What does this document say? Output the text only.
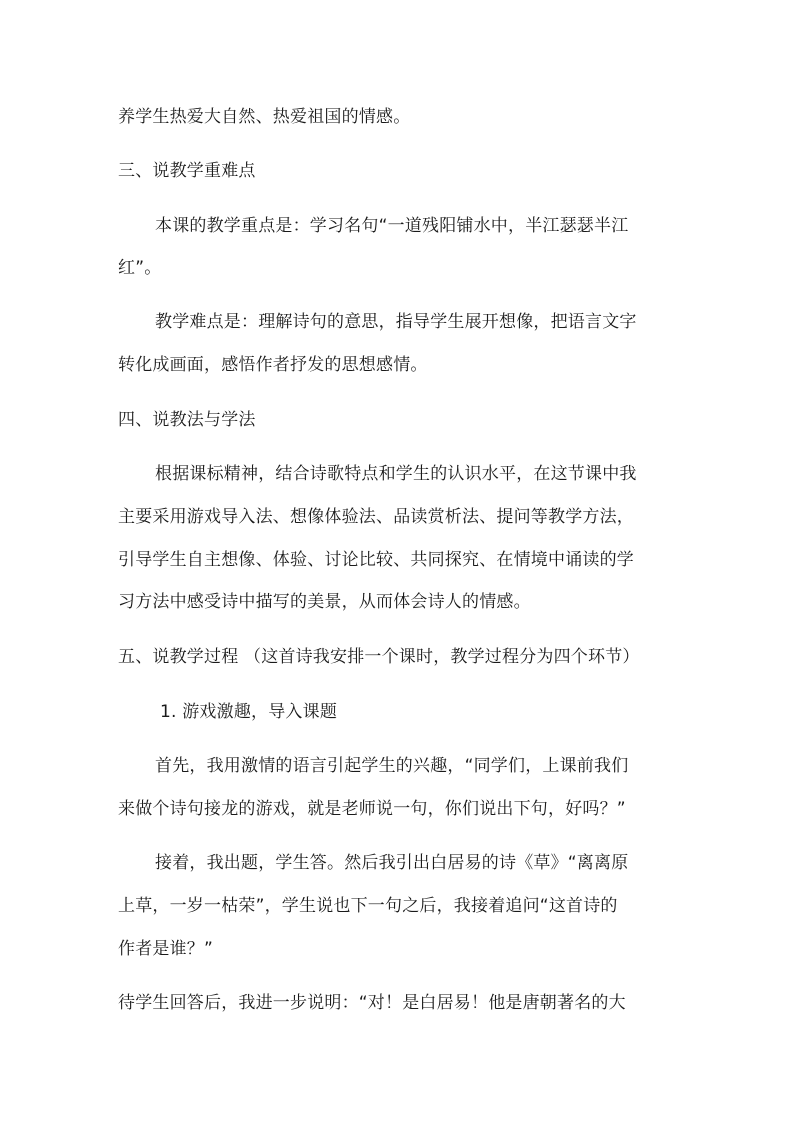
养学生热爱大自然、热爱祖国的情感。
三、说教学重难点
本课的教学重点是：学习名句“一道残阳铺水中，半江瑟瑟半江
红”。
教学难点是：理解诗句的意思，指导学生展开想像，把语言文字
转化成画面，感悟作者抒发的思想感情。
四、说教法与学法
根据课标精神，结合诗歌特点和学生的认识水平，在这节课中我
主要采用游戏导入法、想像体验法、品读赏析法、提问等教学方法，
引导学生自主想像、体验、讨论比较、共同探究、在情境中诵读的学
习方法中感受诗中描写的美景，从而体会诗人的情感。
五、说教学过程 （这首诗我安排一个课时，教学过程分为四个环节）
1. 游戏激趣，导入课题
首先，我用激情的语言引起学生的兴趣，“同学们，上课前我们
来做个诗句接龙的游戏，就是老师说一句，你们说出下句，好吗？”
接着，我出题，学生答。然后我引出白居易的诗《草》“离离原
上草，一岁一枯荣”，学生说也下一句之后，我接着追问“这首诗的
作者是谁？”
待学生回答后，我进一步说明：“对！是白居易！他是唐朝著名的大
